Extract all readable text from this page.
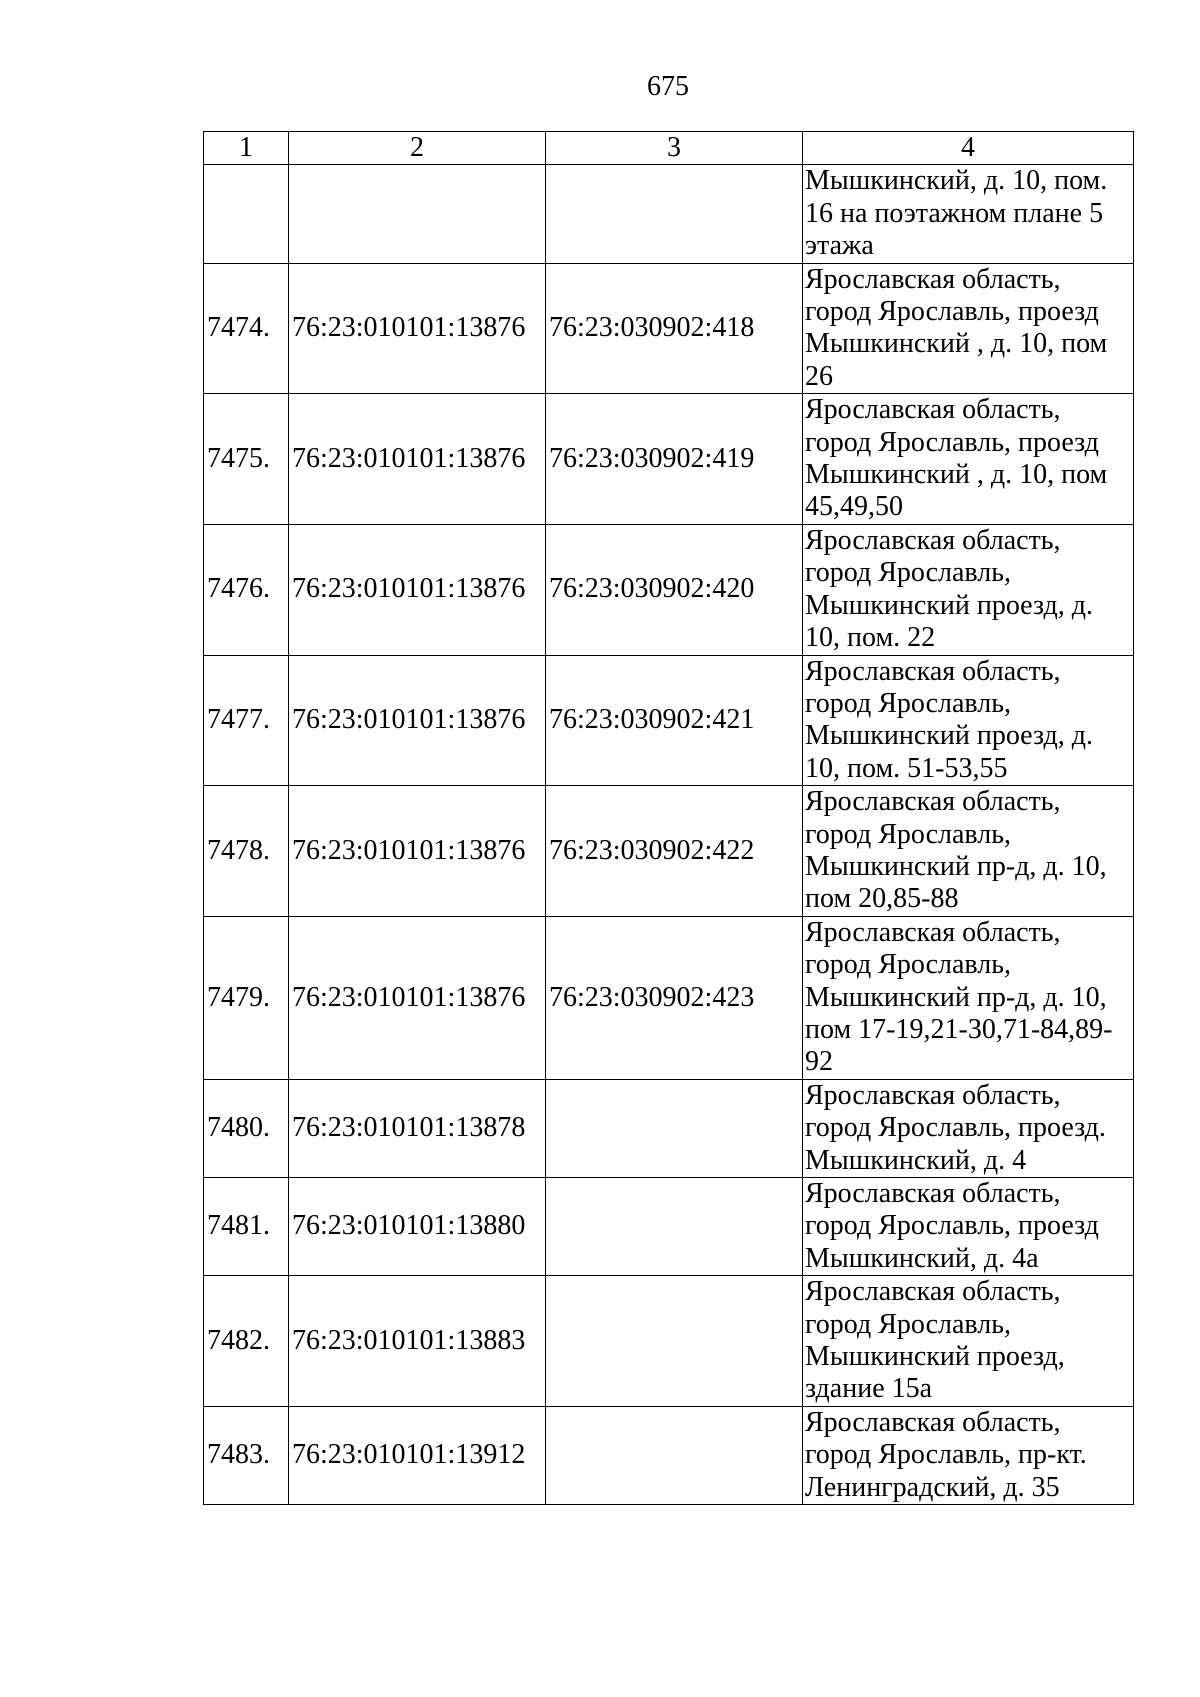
675
1	2	3	4
			Мышкинский, д. 10, пом.
16 на поэтажном плане 5
этажа
7474.	76:23:010101:13876	76:23:030902:418	Ярославская область,
город Ярославль, проезд
Мышкинский , д. 10, пом
26
7475.	76:23:010101:13876	76:23:030902:419	Ярославская область,
город Ярославль, проезд
Мышкинский , д. 10, пом
45,49,50
7476.	76:23:010101:13876	76:23:030902:420	Ярославская область,
город Ярославль,
Мышкинский проезд, д.
10, пом. 22
7477.	76:23:010101:13876	76:23:030902:421	Ярославская область,
город Ярославль,
Мышкинский проезд, д.
10, пом. 51-53,55
7478.	76:23:010101:13876	76:23:030902:422	Ярославская область,
город Ярославль,
Мышкинский пр-д, д. 10,
пом 20,85-88
7479.	76:23:010101:13876	76:23:030902:423	Ярославская область,
город Ярославль,
Мышкинский пр-д, д. 10,
пом 17-19,21-30,71-84,89-
92
7480.	76:23:010101:13878		Ярославская область,
город Ярославль, проезд.
Мышкинский, д. 4
7481.	76:23:010101:13880		Ярославская область,
город Ярославль, проезд
Мышкинский, д. 4а
7482.	76:23:010101:13883		Ярославская область,
город Ярославль,
Мышкинский проезд,
здание 15а
7483.	76:23:010101:13912		Ярославская область,
город Ярославль, пр-кт.
Ленинградский, д. 35
